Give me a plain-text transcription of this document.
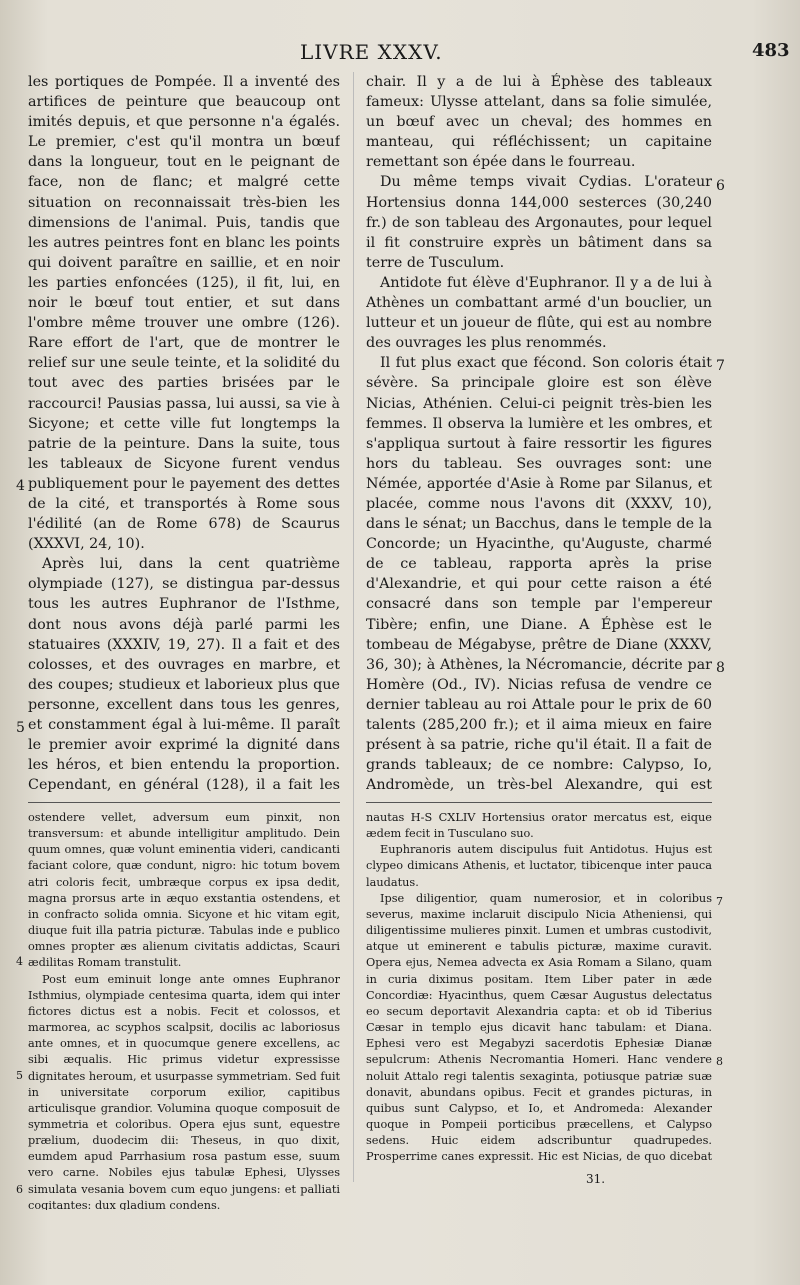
LIVRE XXXV.	483

les portiques de Pompée. Il a inventé des artifices de peinture que beaucoup ont imités depuis, et que personne n'a égalés. Le premier, c'est qu'il montra un bœuf dans la longueur, tout en le peignant de face, non de flanc; et malgré cette situation on reconnaissait très-bien les dimensions de l'animal. Puis, tandis que les autres peintres font en blanc les points qui doivent paraître en saillie, et en noir les parties enfoncées (125), il fit, lui, en noir le bœuf tout entier, et sut dans l'ombre même trouver une ombre (126). Rare effort de l'art, que de montrer le relief sur une seule teinte, et la solidité du tout avec des parties brisées par le raccourci! Pausias passa, lui aussi, sa vie à Sicyone; et cette ville fut longtemps la patrie de la peinture. Dans la suite, tous les tableaux de Sicyone furent vendus publiquement pour le payement des dettes de la cité, et transportés à Rome sous l'édilité (an de Rome 678) de Scaurus (XXXVI, 24, 10).

Après lui, dans la cent quatrième olympiade (127), se distingua par-dessus tous les autres Euphranor de l'Isthme, dont nous avons déjà parlé parmi les statuaires (XXXIV, 19, 27). Il a fait et des colosses, et des ouvrages en marbre, et des coupes; studieux et laborieux plus que personne, excellent dans tous les genres, et constamment égal à lui-même. Il paraît le premier avoir exprimé la dignité dans les héros, et bien entendu la proportion. Cependant, en général (128), il a fait les

chair. Il y a de lui à Éphèse des tableaux fameux: Ulysse attelant, dans sa folie simulée, un bœuf avec un cheval; des hommes en manteau, qui réfléchissent; un capitaine remettant son épée dans le fourreau.

Du même temps vivait Cydias. L'orateur Hortensius donna 144,000 sesterces (30,240 fr.) de son tableau des Argonautes, pour lequel il fit construire exprès un bâtiment dans sa terre de Tusculum.

Antidote fut élève d'Euphranor. Il y a de lui à Athènes un combattant armé d'un bouclier, un lutteur et un joueur de flûte, qui est au nombre des ouvrages les plus renommés.

Il fut plus exact que fécond. Son coloris était sévère. Sa principale gloire est son élève Nicias, Athénien. Celui-ci peignit très-bien les femmes. Il observa la lumière et les ombres, et s'appliqua surtout à faire ressortir les figures hors du tableau. Ses ouvrages sont: une Némée, apportée d'Asie à Rome par Silanus, et placée, comme nous l'avons dit (XXXV, 10), dans le sénat; un Bacchus, dans le temple de la Concorde; un Hyacinthe, qu'Auguste, charmé de ce tableau, rapporta après la prise d'Alexandrie, et qui pour cette raison a été consacré dans son temple par l'empereur Tibère; enfin, une Diane. A Éphèse est le tombeau de Mégabyse, prêtre de Diane (XXXV, 36, 30); à Athènes, la Nécromancie, décrite par Homère (Od., IV). Nicias refusa de vendre ce dernier tableau au roi Attale pour le prix de 60 talents (285,200 fr.); et il aima mieux en faire présent à sa patrie, riche qu'il était. Il a fait de grands tableaux; de ce nombre: Calypso, Io, Andromède, un très-bel Alexandre, qui est

ostendere vellet, adversum eum pinxit, non transversum: et abunde intelligitur amplitudo. Dein quum omnes, quæ volunt eminentia videri, candicanti faciant colore, quæ condunt, nigro: hic totum bovem atri coloris fecit, umbræque corpus ex ipsa dedit, magna prorsus arte in æquo exstantia ostendens, et in confracto solida omnia. Sicyone et hic vitam egit, diuque fuit illa patria picturæ. Tabulas inde e publico omnes propter æs alienum civitatis addictas, Scauri ædilitas Romam transtulit.

Post eum eminuit longe ante omnes Euphranor Isthmius, olympiade centesima quarta, idem qui inter fictores dictus est a nobis. Fecit et colossos, et marmorea, ac scyphos scalpsit, docilis ac laboriosus ante omnes, et in quocumque genere excellens, ac sibi æqualis. Hic primus videtur expressisse dignitates heroum, et usurpasse symmetriam. Sed fuit in universitate corporum exilior, capitibus articulisque grandior. Volumina quoque composuit de symmetria et coloribus. Opera ejus sunt, equestre prælium, duodecim dii: Theseus, in quo dixit, eumdem apud Parrhasium rosa pastum esse, suum vero carne. Nobiles ejus tabulæ Ephesi, Ulysses simulata vesania bovem cum equo jungens: et palliati cogitantes: dux gladium condens.

nautas H-S CXLIV Hortensius orator mercatus est, eique ædem fecit in Tusculano suo.

Euphranoris autem discipulus fuit Antidotus. Hujus est clypeo dimicans Athenis, et luctator, tibicenque inter pauca laudatus.

Ipse diligentior, quam numerosior, et in coloribus severus, maxime inclaruit discipulo Nicia Atheniensi, qui diligentissime mulieres pinxit. Lumen et umbras custodivit, atque ut eminerent e tabulis picturæ, maxime curavit. Opera ejus, Nemea advecta ex Asia Romam a Silano, quam in curia diximus positam. Item Liber pater in æde Concordiæ: Hyacinthus, quem Cæsar Augustus delectatus eo secum deportavit Alexandria capta: et ob id Tiberius Cæsar in templo ejus dicavit hanc tabulam: et Diana. Ephesi vero est Megabyzi sacerdotis Ephesiæ Dianæ sepulcrum: Athenis Necromantia Homeri. Hanc vendere noluit Attalo regi talentis sexaginta, potiusque patriæ suæ donavit, abundans opibus. Fecit et grandes picturas, in quibus sunt Calypso, et Io, et Andromeda: Alexander quoque in Pompeii porticibus præcellens, et Calypso sedens. Huic eidem adscribuntur quadrupedes. Prosperrime canes expressit. Hic est Nicias, de quo dicebat

4
5
6
7
8
4
5
6
7
8
31.
